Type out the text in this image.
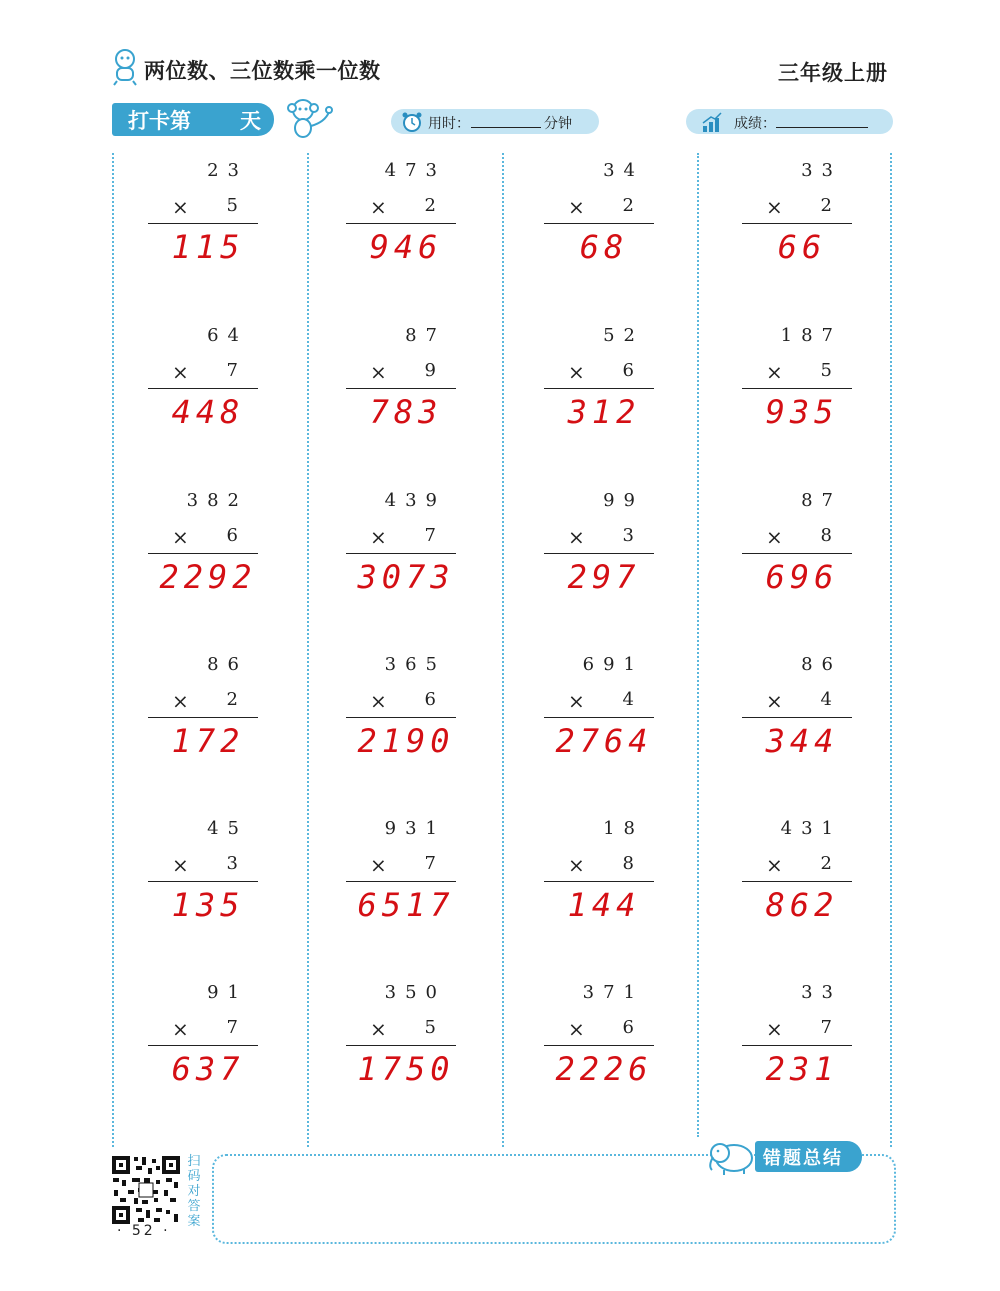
两位数、三位数乘一位数	三年级上册
打卡第 天	用时：	分钟	成绩：
23
× 5
115
473
× 2
946
34
× 2
68
33
× 2
66
64
× 7
448
87
× 9
783
52
× 6
312
187
× 5
935
382
× 6
2292
439
× 7
3073
99
× 3
297
87
× 8
696
86
× 2
172
365
× 6
2190
691
× 4
2764
86
× 4
344
45
× 3
135
931
× 7
6517
18
× 8
144
431
× 2
862
91
× 7
637
350
× 5
1750
371
× 6
2226
33
× 7
231
扫码对答案
· 52 ·
错题总结
